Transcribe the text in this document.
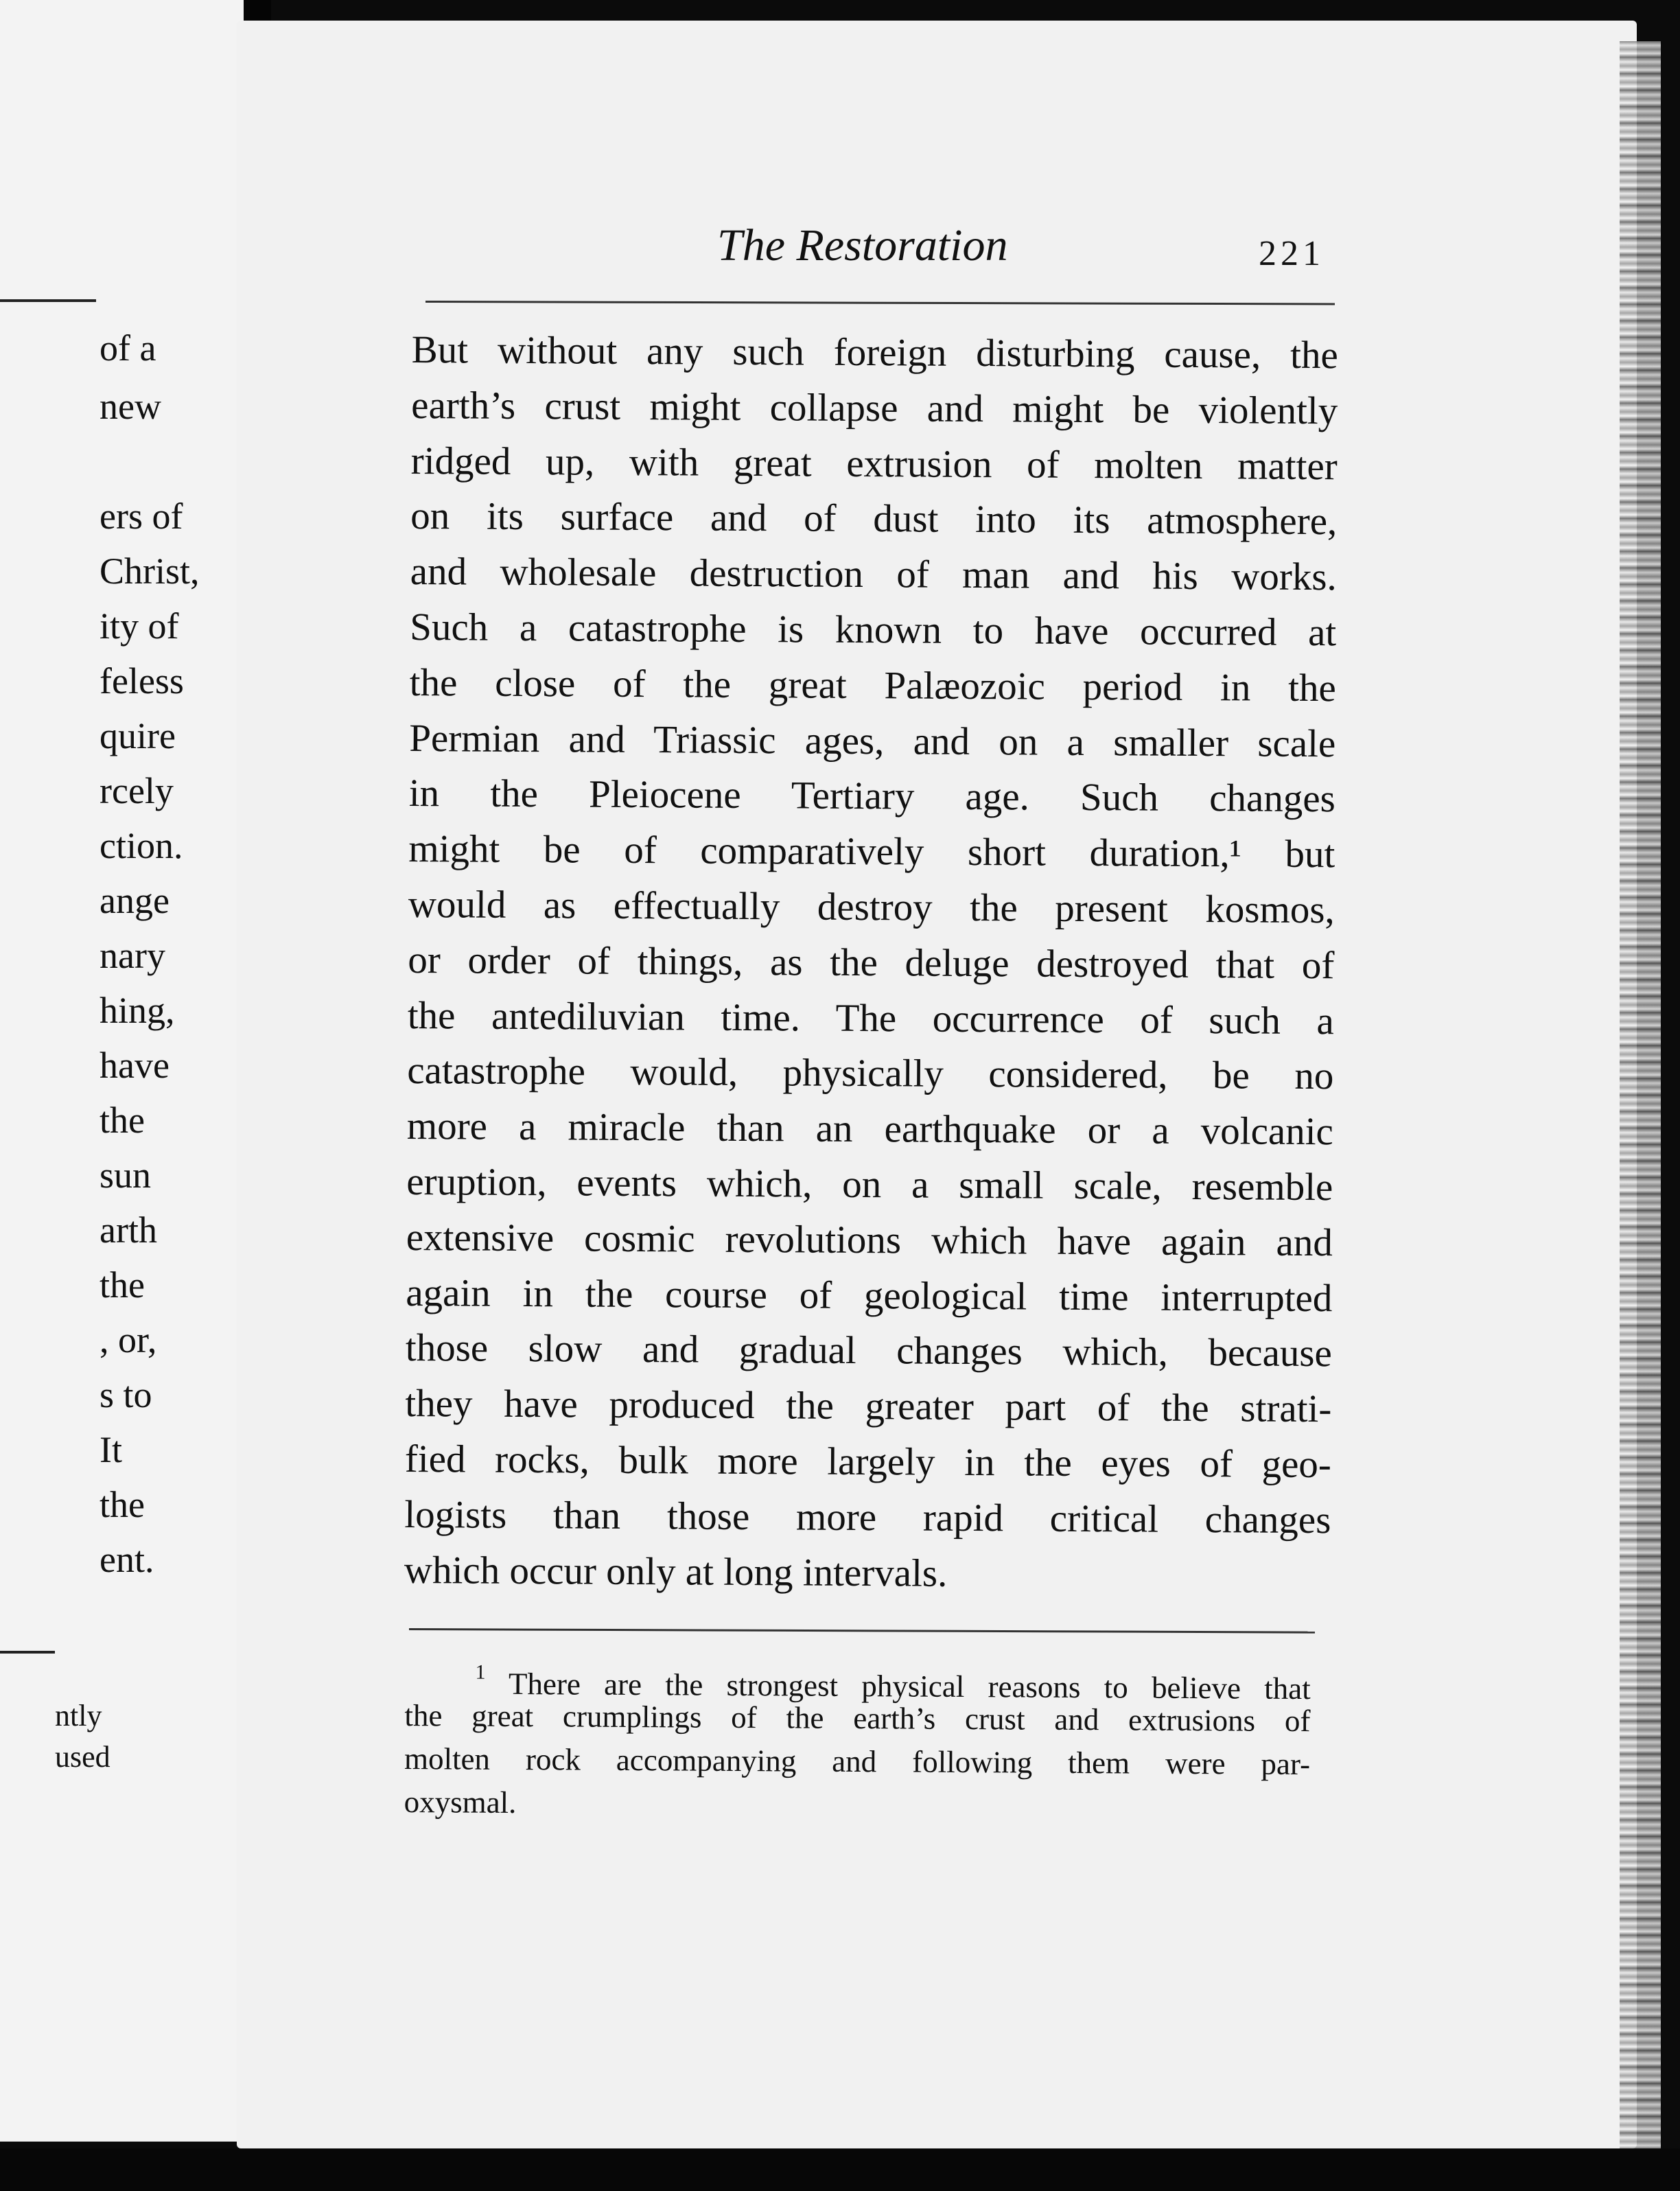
of a
new
ers of
Christ,
ity of
feless
quire
rcely
ction.
ange
nary
hing,
have
the
sun
arth
the
, or,
s to
It
the
ent.
ntly
used
The Restoration	221
But without any such foreign disturbing cause, the
earth’s crust might collapse and might be violently
ridged up, with great extrusion of molten matter
on its surface and of dust into its atmosphere,
and wholesale destruction of man and his works.
Such a catastrophe is known to have occurred at
the close of the great Palæozoic period in the
Permian and Triassic ages, and on a smaller scale
in the Pleiocene Tertiary age. Such changes
might be of comparatively short duration,¹ but
would as effectually destroy the present kosmos,
or order of things, as the deluge destroyed that of
the antediluvian time. The occurrence of such a
catastrophe would, physically considered, be no
more a miracle than an earthquake or a volcanic
eruption, events which, on a small scale, resemble
extensive cosmic revolutions which have again and
again in the course of geological time interrupted
those slow and gradual changes which, because
they have produced the greater part of the strati-
fied rocks, bulk more largely in the eyes of geo-
logists than those more rapid critical changes
which occur only at long intervals.
$^1$ There are the strongest physical reasons to believe that
the great crumplings of the earth’s crust and extrusions of
molten rock accompanying and following them were par-
oxysmal.
